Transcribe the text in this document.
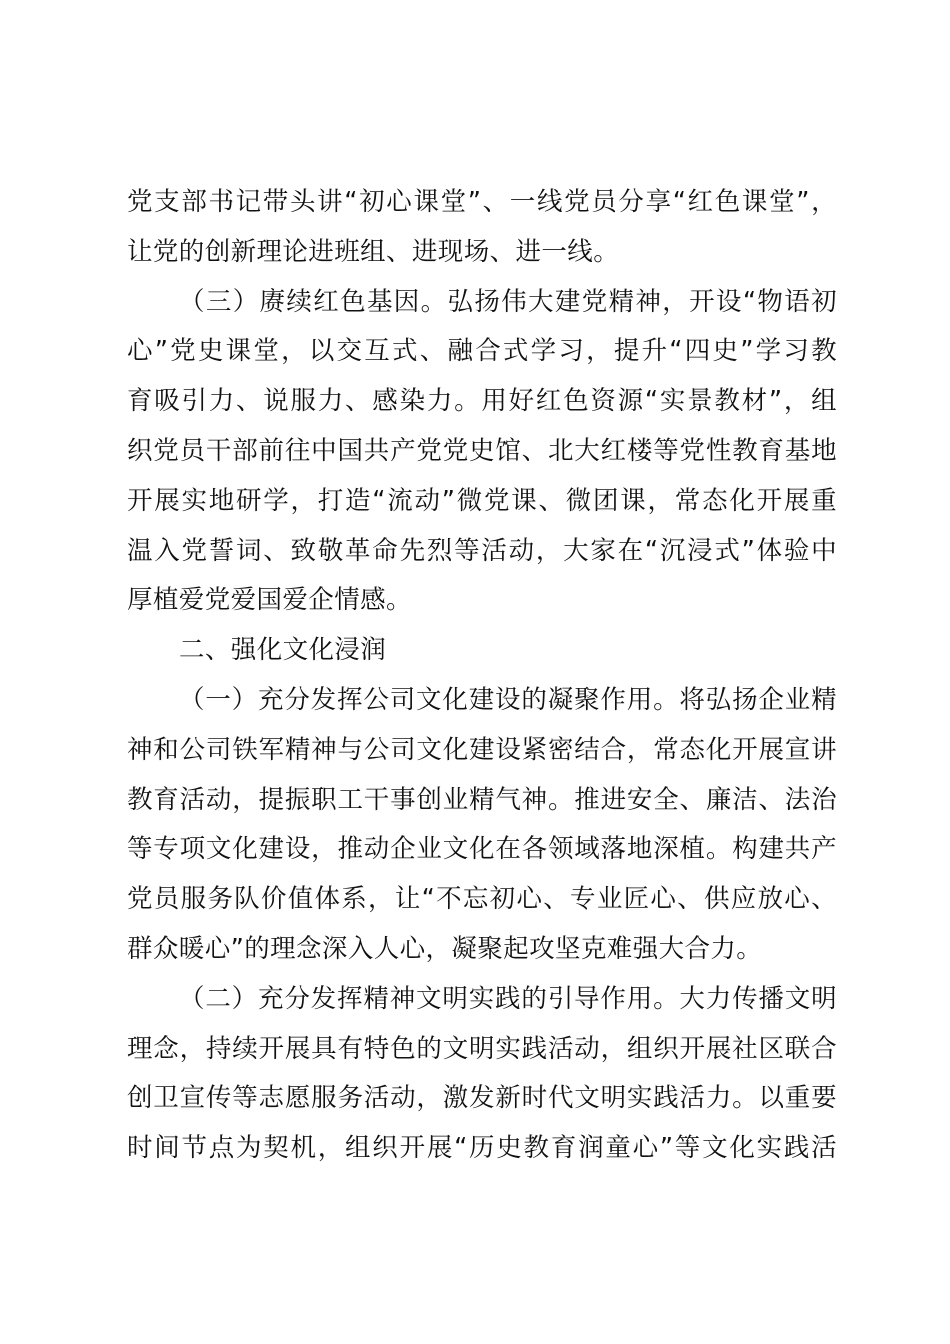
党支部书记带头讲“初心课堂”、一线党员分享“红色课堂”，
让党的创新理论进班组、进现场、进一线。

（三）赓续红色基因。弘扬伟大建党精神，开设“物语初
心”党史课堂，以交互式、融合式学习，提升“四史”学习教
育吸引力、说服力、感染力。用好红色资源“实景教材”，组
织党员干部前往中国共产党党史馆、北大红楼等党性教育基地
开展实地研学，打造“流动”微党课、微团课，常态化开展重
温入党誓词、致敬革命先烈等活动，大家在“沉浸式”体验中
厚植爱党爱国爱企情感。

二、强化文化浸润

（一）充分发挥公司文化建设的凝聚作用。将弘扬企业精
神和公司铁军精神与公司文化建设紧密结合，常态化开展宣讲
教育活动，提振职工干事创业精气神。推进安全、廉洁、法治
等专项文化建设，推动企业文化在各领域落地深植。构建共产
党员服务队价值体系，让“不忘初心、专业匠心、供应放心、
群众暖心”的理念深入人心，凝聚起攻坚克难强大合力。

（二）充分发挥精神文明实践的引导作用。大力传播文明
理念，持续开展具有特色的文明实践活动，组织开展社区联合
创卫宣传等志愿服务活动，激发新时代文明实践活力。以重要
时间节点为契机，组织开展“历史教育润童心”等文化实践活
